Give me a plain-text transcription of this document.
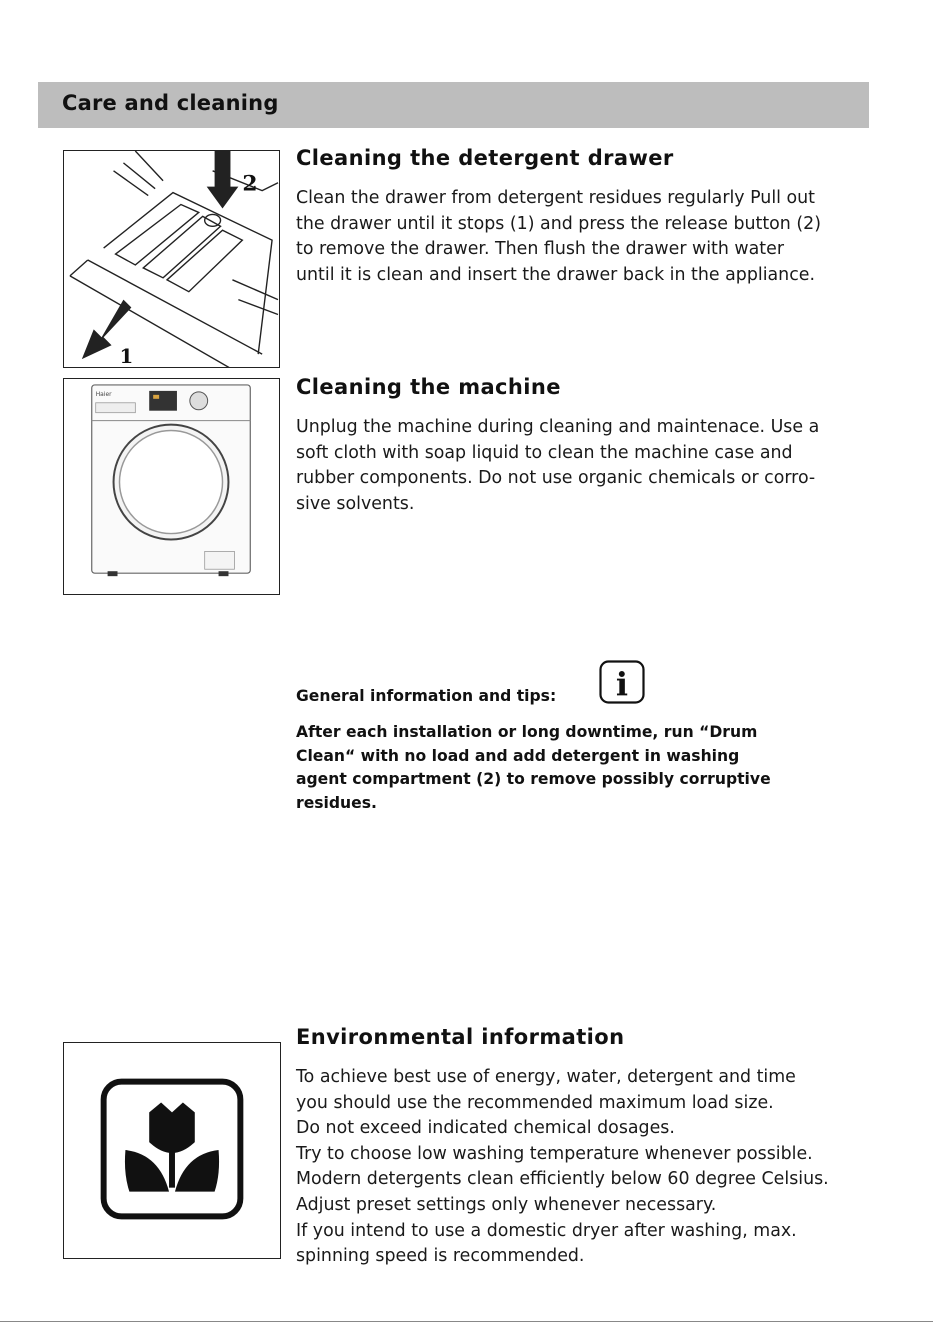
Care and cleaning
2
1
Cleaning the detergent drawer
Clean the drawer from detergent residues regularly Pull out
the drawer until it stops (1) and press the release button (2)
to remove the drawer. Then flush the drawer with water
until it is clean and insert the drawer back in the appliance.
Haier	Cleaning the machine
Unplug the machine during cleaning and maintenace. Use a
soft cloth with soap liquid to clean the machine case and
rubber components. Do not use organic chemicals or corro-
sive solvents.
General information and tips: i
After each installation or long downtime, run “Drum
Clean“ with no load and add detergent in washing
agent compartment (2) to remove possibly corruptive
residues.
Environmental information
To achieve best use of energy, water, detergent and time
you should use the recommended maximum load size.
Do not exceed indicated chemical dosages.
Try to choose low washing temperature whenever possible.
Modern detergents clean efficiently below 60 degree Celsius.
Adjust preset settings only whenever necessary.
If you intend to use a domestic dryer after washing, max.
spinning speed is recommended.
